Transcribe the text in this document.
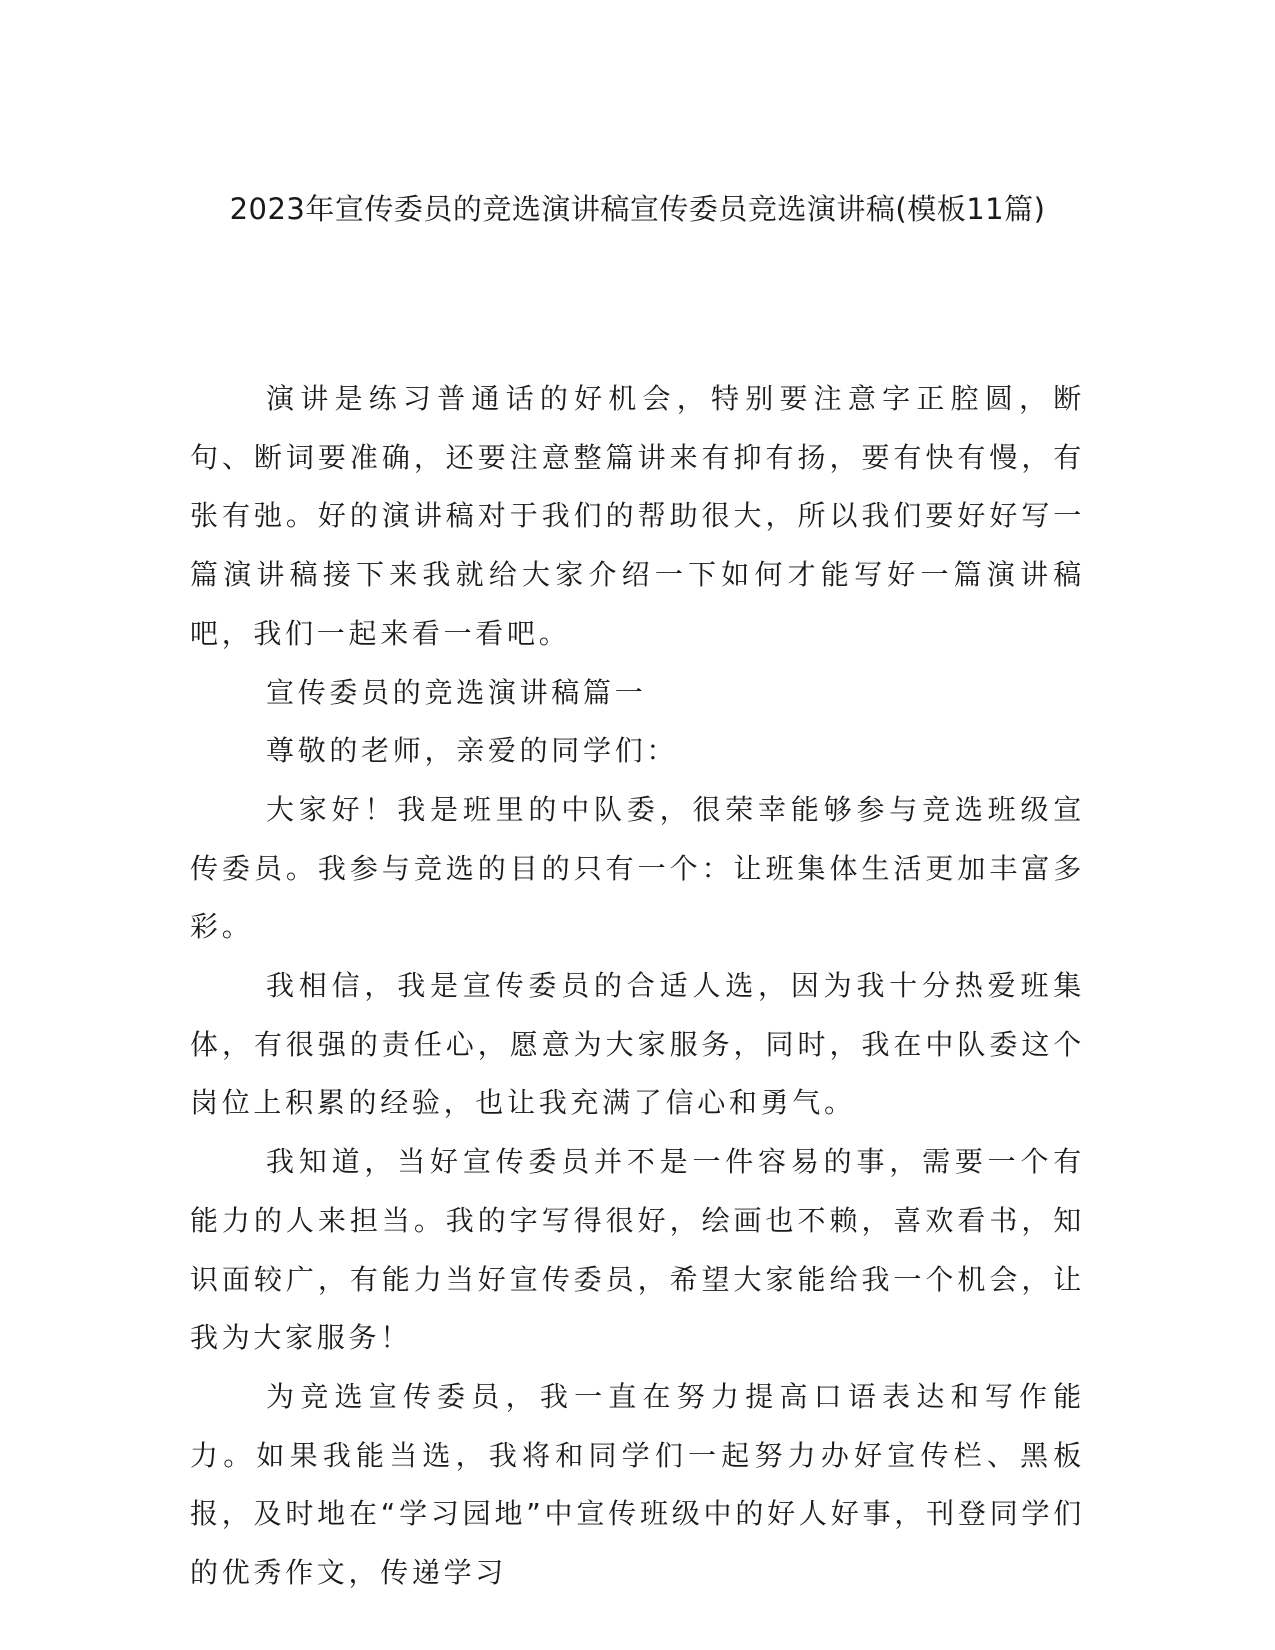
2023年宣传委员的竞选演讲稿宣传委员竞选演讲稿(模板11篇)

演讲是练习普通话的好机会，特别要注意字正腔圆，断句、断词要准确，还要注意整篇讲来有抑有扬，要有快有慢，有张有弛。好的演讲稿对于我们的帮助很大，所以我们要好好写一篇演讲稿接下来我就给大家介绍一下如何才能写好一篇演讲稿吧，我们一起来看一看吧。

宣传委员的竞选演讲稿篇一

尊敬的老师，亲爱的同学们：

大家好！我是班里的中队委，很荣幸能够参与竞选班级宣传委员。我参与竞选的目的只有一个：让班集体生活更加丰富多彩。

我相信，我是宣传委员的合适人选，因为我十分热爱班集体，有很强的责任心，愿意为大家服务，同时，我在中队委这个岗位上积累的经验，也让我充满了信心和勇气。

我知道，当好宣传委员并不是一件容易的事，需要一个有能力的人来担当。我的字写得很好，绘画也不赖，喜欢看书，知识面较广，有能力当好宣传委员，希望大家能给我一个机会，让我为大家服务！

为竞选宣传委员，我一直在努力提高口语表达和写作能力。如果我能当选，我将和同学们一起努力办好宣传栏、黑板报，及时地在“学习园地”中宣传班级中的好人好事，刊登同学们的优秀作文，传递学习
